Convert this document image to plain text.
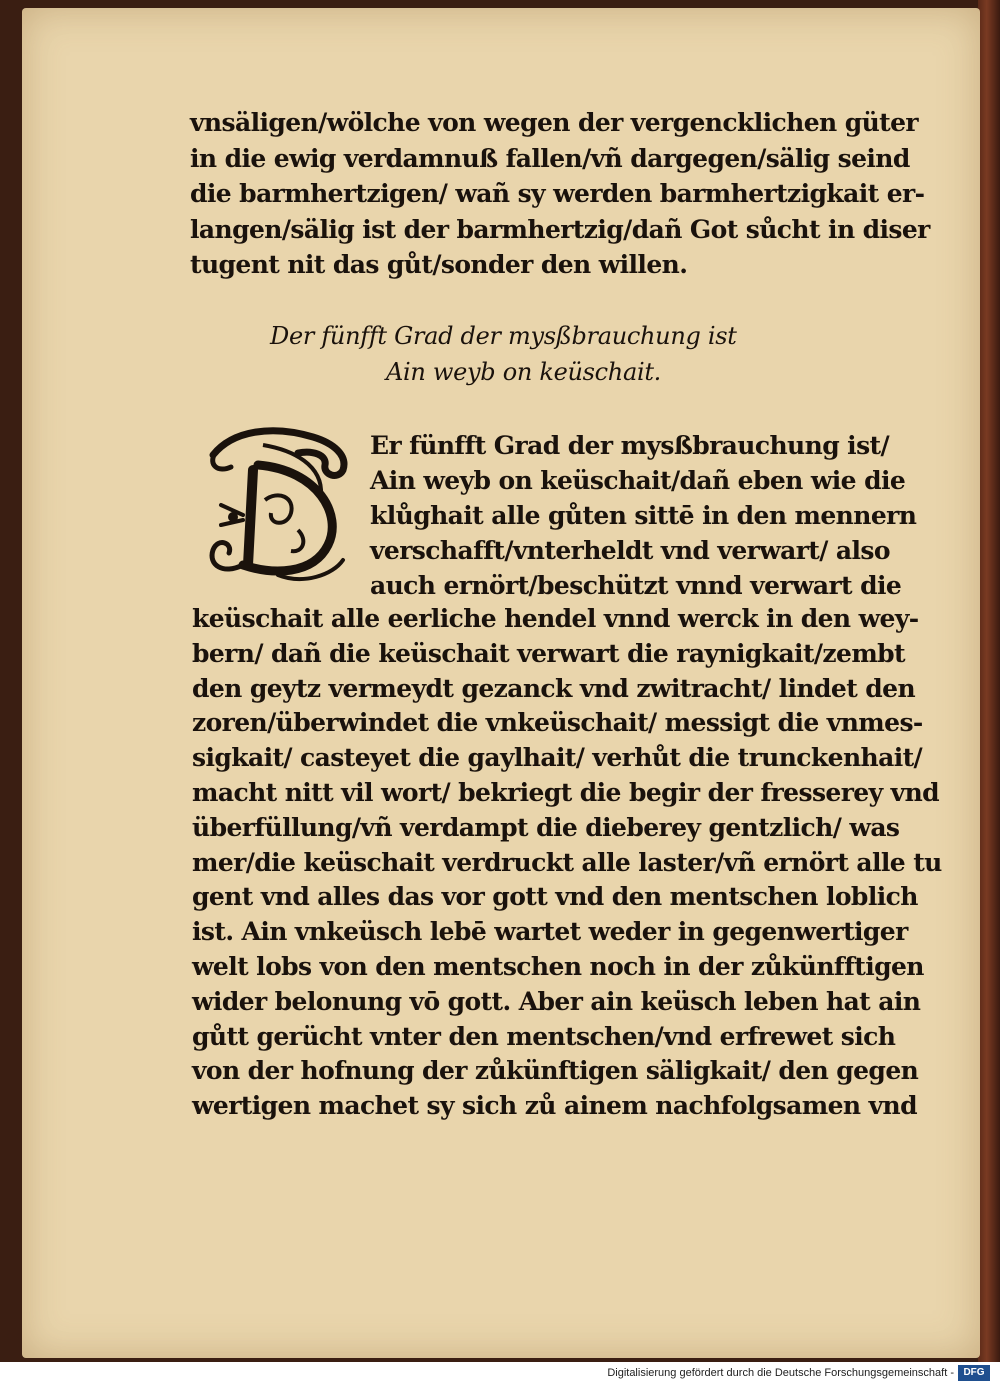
vnsäligen/wölche von wegen der vergencklichen güter
in die ewig verdamnuß fallen/vñ dargegen/sälig seind
die barmhertzigen/ wañ sy werden barmhertzigkait er-
langen/sälig ist der barmhertzig/dañ Got sůcht in diser
tugent nit das gůt/sonder den willen.
Der fünfft Grad der mysßbrauchung ist
Ain weyb on keüschait.
Er fünfft Grad der mysßbrauchung ist/
Ain weyb on keüschait/dañ eben wie die
klůghait alle gůten sittē in den mennern
verschafft/vnterheldt vnd verwart/ also
auch ernört/beschützt vnnd verwart die
keüschait alle eerliche hendel vnnd werck in den wey-
bern/ dañ die keüschait verwart die raynigkait/zembt
den geytz vermeydt gezanck vnd zwitracht/ lindet den
zoren/überwindet die vnkeüschait/ messigt die vnmes-
sigkait/ casteyet die gaylhait/ verhůt die trunckenhait/
macht nitt vil wort/ bekriegt die begir der fresserey vnd
überfüllung/vñ verdampt die dieberey gentzlich/ was
mer/die keüschait verdruckt alle laster/vñ ernört alle tu
gent vnd alles das vor gott vnd den mentschen loblich
ist. Ain vnkeüsch lebē wartet weder in gegenwertiger
welt lobs von den mentschen noch in der zůkünfftigen
wider belonung vō gott. Aber ain keüsch leben hat ain
gůtt gerücht vnter den mentschen/vnd erfrewet sich
von der hofnung der zůkünftigen säligkait/ den gegen
wertigen machet sy sich zů ainem nachfolgsamen vnd
Digitalisierung gefördert durch die Deutsche Forschungsgemeinschaft - DFG
